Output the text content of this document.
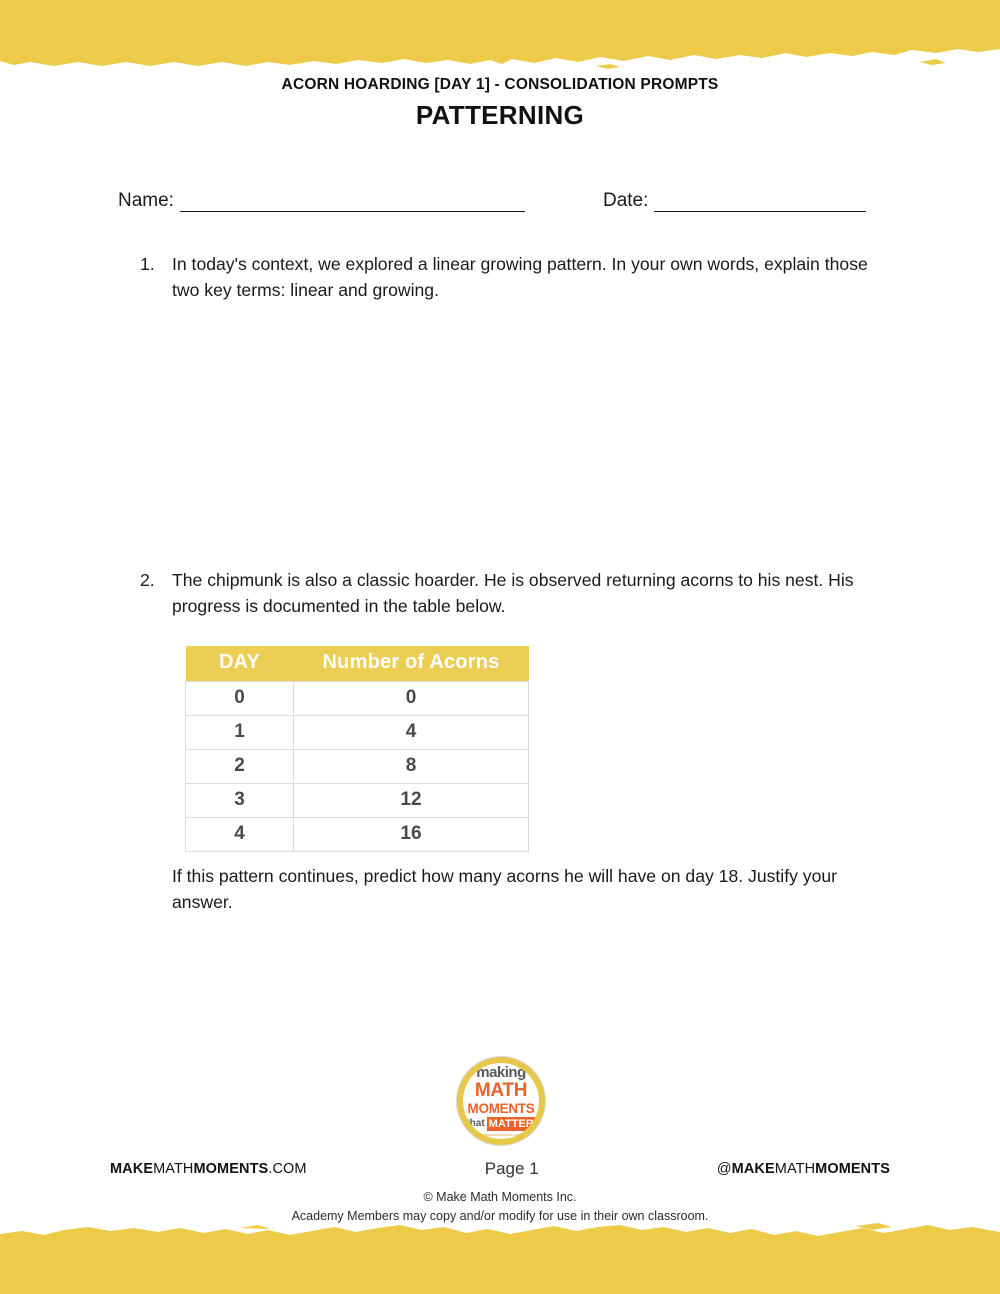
ACORN HOARDING [DAY 1] - CONSOLIDATION PROMPTS
PATTERNING
Name:	Date:
1. In today's context, we explored a linear growing pattern. In your own words, explain those two key terms: linear and growing.
2. The chipmunk is also a classic hoarder. He is observed returning acorns to his nest. His progress is documented in the table below.
DAY	Number of Acorns
0	0
1	4
2	8
3	12
4	16
If this pattern continues, predict how many acorns he will have on day 18. Justify your answer.
making
MATH
MOMENTS
that MATTER
makemathmoments.com
MAKEMATHMOMENTS.COM	Page 1	@MAKEMATHMOMENTS
© Make Math Moments Inc.
Academy Members may copy and/or modify for use in their own classroom.
